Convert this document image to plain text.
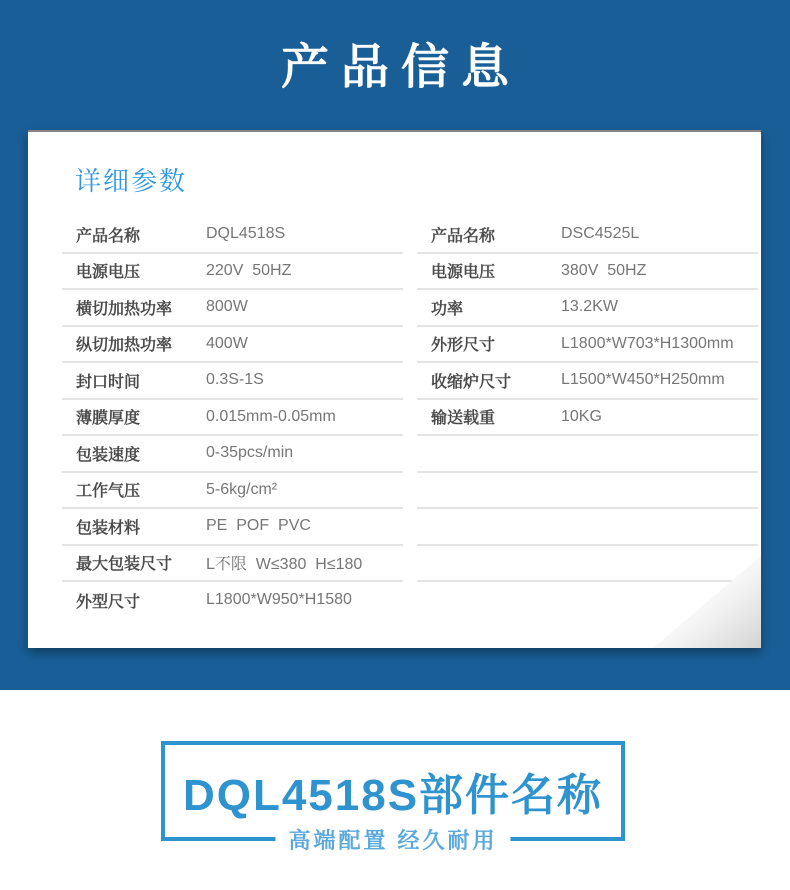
产品信息
详细参数
产品名称	DQL4518S
电源电压	220V  50HZ
横切加热功率	800W
纵切加热功率	400W
封口时间	0.3S-1S
薄膜厚度	0.015mm-0.05mm
包装速度	0-35pcs/min
工作气压	5-6kg/cm²
包装材料	PE  POF  PVC
最大包装尺寸	L不限  W≤380  H≤180
外型尺寸	L1800*W950*H1580
产品名称	DSC4525L
电源电压	380V  50HZ
功率	13.2KW
外形尺寸	L1800*W703*H1300mm
收缩炉尺寸	L1500*W450*H250mm
输送载重	10KG
DQL4518S部件名称
高端配置 经久耐用
